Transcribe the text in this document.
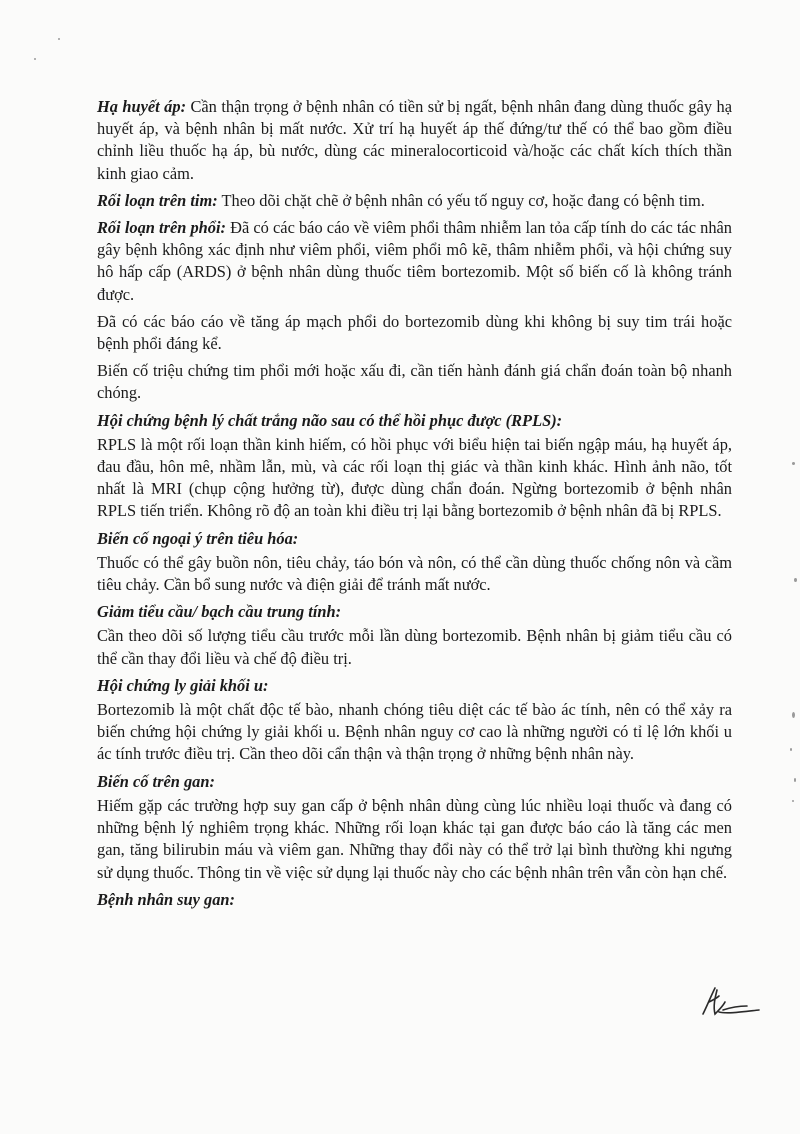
Hạ huyết áp: Cần thận trọng ở bệnh nhân có tiền sử bị ngất, bệnh nhân đang dùng thuốc gây hạ huyết áp, và bệnh nhân bị mất nước. Xử trí hạ huyết áp thế đứng/tư thế có thể bao gồm điều chỉnh liều thuốc hạ áp, bù nước, dùng các mineralocorticoid và/hoặc các chất kích thích thần kinh giao cảm.

Rối loạn trên tim: Theo dõi chặt chẽ ở bệnh nhân có yếu tố nguy cơ, hoặc đang có bệnh tim.

Rối loạn trên phổi: Đã có các báo cáo về viêm phổi thâm nhiễm lan tỏa cấp tính do các tác nhân gây bệnh không xác định như viêm phổi, viêm phổi mô kẽ, thâm nhiễm phổi, và hội chứng suy hô hấp cấp (ARDS) ở bệnh nhân dùng thuốc tiêm bortezomib. Một số biến cố là không tránh được.

Đã có các báo cáo về tăng áp mạch phổi do bortezomib dùng khi không bị suy tim trái hoặc bệnh phổi đáng kể.

Biến cố triệu chứng tim phổi mới hoặc xấu đi, cần tiến hành đánh giá chẩn đoán toàn bộ nhanh chóng.

Hội chứng bệnh lý chất trắng não sau có thể hồi phục được (RPLS):

RPLS là một rối loạn thần kinh hiếm, có hồi phục với biểu hiện tai biến ngập máu, hạ huyết áp, đau đầu, hôn mê, nhầm lẫn, mù, và các rối loạn thị giác và thần kinh khác. Hình ảnh não, tốt nhất là MRI (chụp cộng hưởng từ), được dùng chẩn đoán. Ngừng bortezomib ở bệnh nhân RPLS tiến triển. Không rõ độ an toàn khi điều trị lại bằng bortezomib ở bệnh nhân đã bị RPLS.

Biến cố ngoại ý trên tiêu hóa:

Thuốc có thể gây buồn nôn, tiêu chảy, táo bón và nôn, có thể cần dùng thuốc chống nôn và cầm tiêu chảy. Cần bổ sung nước và điện giải để tránh mất nước.

Giảm tiểu cầu/ bạch cầu trung tính:

Cần theo dõi số lượng tiểu cầu trước mỗi lần dùng bortezomib. Bệnh nhân bị giảm tiểu cầu có thể cần thay đổi liều và chế độ điều trị.

Hội chứng ly giải khối u:

Bortezomib là một chất độc tế bào, nhanh chóng tiêu diệt các tế bào ác tính, nên có thể xảy ra biến chứng hội chứng ly giải khối u. Bệnh nhân nguy cơ cao là những người có tỉ lệ lớn khối u ác tính trước điều trị. Cần theo dõi cẩn thận và thận trọng ở những bệnh nhân này.

Biến cố trên gan:

Hiếm gặp các trường hợp suy gan cấp ở bệnh nhân dùng cùng lúc nhiều loại thuốc và đang có những bệnh lý nghiêm trọng khác. Những rối loạn khác tại gan được báo cáo là tăng các men gan, tăng bilirubin máu và viêm gan. Những thay đổi này có thể trở lại bình thường khi ngưng sử dụng thuốc. Thông tin về việc sử dụng lại thuốc này cho các bệnh nhân trên vẫn còn hạn chế.

Bệnh nhân suy gan:
